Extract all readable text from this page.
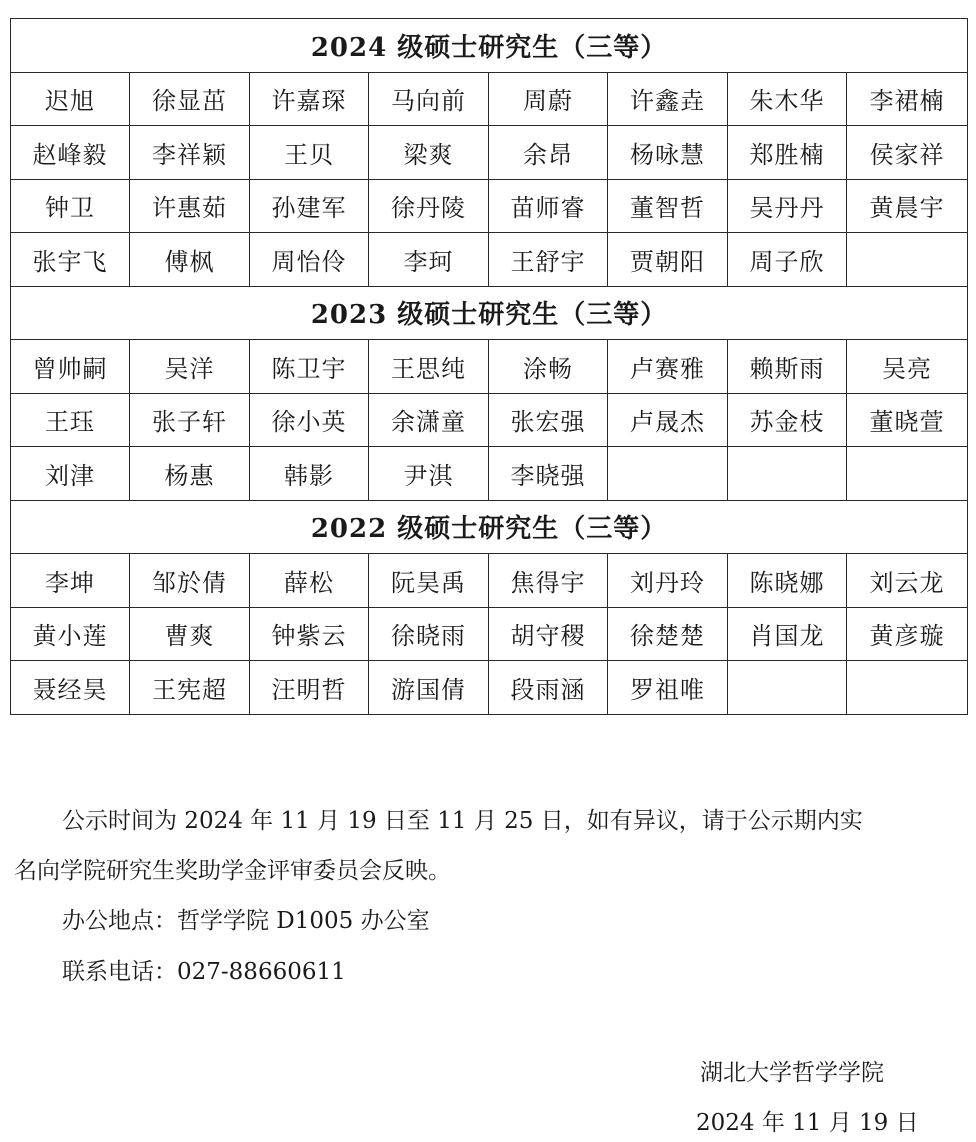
2024 级硕士研究生（三等）							
迟旭	徐显茁	许嘉琛	马向前	周蔚	许鑫垚	朱木华	李裙楠
赵峰毅	李祥颖	王贝	梁爽	余昂	杨咏慧	郑胜楠	侯家祥
钟卫	许惠茹	孙建军	徐丹陵	苗师睿	董智哲	吴丹丹	黄晨宇
张宇飞	傅枫	周怡伶	李珂	王舒宇	贾朝阳	周子欣	
2023 级硕士研究生（三等）							
曾帅嗣	吴洋	陈卫宇	王思纯	涂畅	卢赛雅	赖斯雨	吴亮
王珏	张子轩	徐小英	余潇童	张宏强	卢晟杰	苏金枝	董晓萱
刘津	杨惠	韩影	尹淇	李晓强			
2022 级硕士研究生（三等）							
李坤	邹於倩	薛松	阮昊禹	焦得宇	刘丹玲	陈晓娜	刘云龙
黄小莲	曹爽	钟紫云	徐晓雨	胡守稷	徐楚楚	肖国龙	黄彦璇
聂经昊	王宪超	汪明哲	游国倩	段雨涵	罗祖唯		
公示时间为 2024 年 11 月 19 日至 11 月 25 日，如有异议，请于公示期内实
名向学院研究生奖助学金评审委员会反映。
办公地点：哲学学院 D1005 办公室
联系电话：027-88660611
湖北大学哲学学院
2024 年 11 月 19 日
